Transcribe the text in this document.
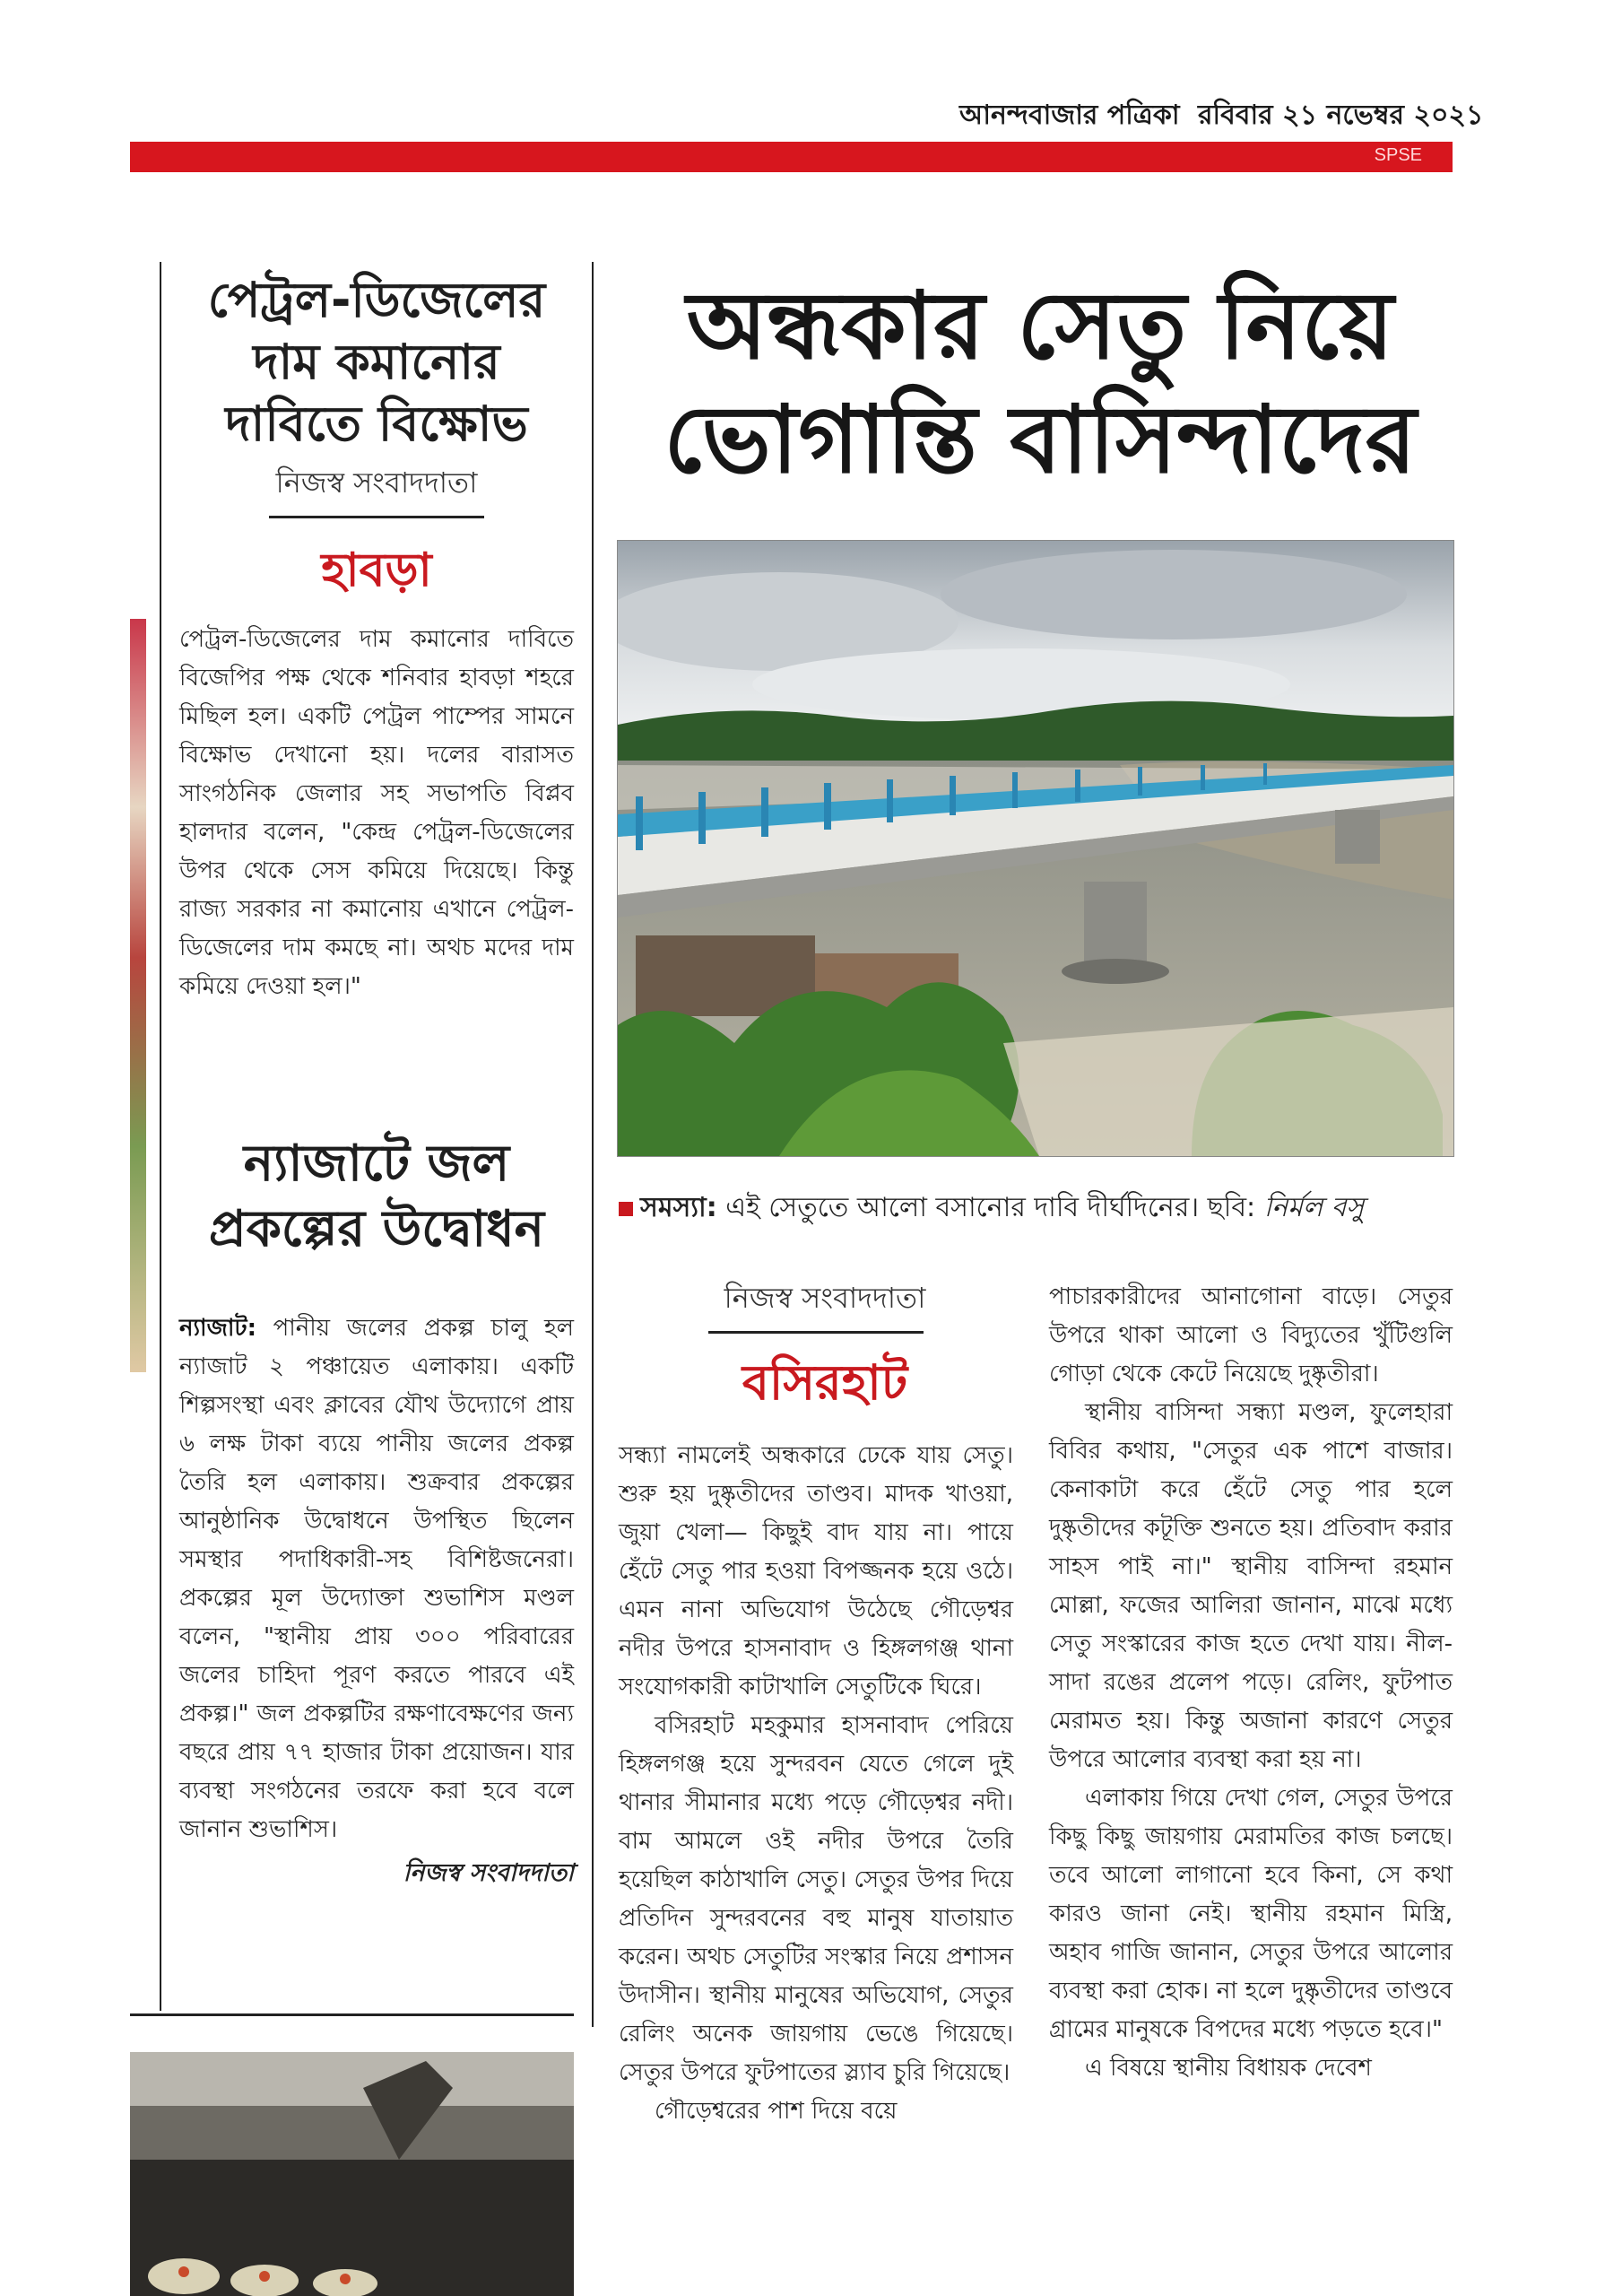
আনন্দবাজার পত্রিকা রবিবার ২১ নভেম্বর ২০২১
SPSE
পেট্রল-ডিজেলের
দাম কমানোর
দাবিতে বিক্ষোভ
নিজস্ব সংবাদদাতা
হাবড়া
পেট্রল-ডিজেলের দাম কমানোর দাবিতে বিজেপির পক্ষ থেকে শনিবার হাবড়া শহরে মিছিল হল। একটি পেট্রল পাম্পের সামনে বিক্ষোভ দেখানো হয়। দলের বারাসত সাংগঠনিক জেলার সহ সভাপতি বিপ্লব হালদার বলেন, "কেন্দ্র পেট্রল-ডিজেলের উপর থেকে সেস কমিয়ে দিয়েছে। কিন্তু রাজ্য সরকার না কমানোয় এখানে পেট্রল-ডিজেলের দাম কমছে না। অথচ মদের দাম কমিয়ে দেওয়া হল।"
ন্যাজাটে জল
প্রকল্পের উদ্বোধন
ন্যাজাট: পানীয় জলের প্রকল্প চালু হল ন্যাজাট ২ পঞ্চায়েত এলাকায়। একটি শিল্পসংস্থা এবং ক্লাবের যৌথ উদ্যোগে প্রায় ৬ লক্ষ টাকা ব্যয়ে পানীয় জলের প্রকল্প তৈরি হল এলাকায়। শুক্রবার প্রকল্পের আনুষ্ঠানিক উদ্বোধনে উপস্থিত ছিলেন সমস্থার পদাধিকারী-সহ বিশিষ্টজনেরা। প্রকল্পের মূল উদ্যোক্তা শুভাশিস মণ্ডল বলেন, "স্থানীয় প্রায় ৩০০ পরিবারের জলের চাহিদা পূরণ করতে পারবে এই প্রকল্প।" জল প্রকল্পটির রক্ষণাবেক্ষণের জন্য বছরে প্রায় ৭৭ হাজার টাকা প্রয়োজন। যার ব্যবস্থা সংগঠনের তরফে করা হবে বলে জানান শুভাশিস।
নিজস্ব সংবাদদাতা
অন্ধকার সেতু নিয়ে
ভোগান্তি বাসিন্দাদের
সমস্যা: এই সেতুতে আলো বসানোর দাবি দীর্ঘদিনের। ছবি: নির্মল বসু
নিজস্ব সংবাদদাতা
বসিরহাট
সন্ধ্যা নামলেই অন্ধকারে ঢেকে যায় সেতু। শুরু হয় দুষ্কৃতীদের তাণ্ডব। মাদক খাওয়া, জুয়া খেলা— কিছুই বাদ যায় না। পায়ে হেঁটে সেতু পার হওয়া বিপজ্জনক হয়ে ওঠে। এমন নানা অভিযোগ উঠেছে গৌড়েশ্বর নদীর উপরে হাসনাবাদ ও হিঙ্গলগঞ্জ থানা সংযোগকারী কাটাখালি সেতুটিকে ঘিরে।
বসিরহাট মহকুমার হাসনাবাদ পেরিয়ে হিঙ্গলগঞ্জ হয়ে সুন্দরবন যেতে গেলে দুই থানার সীমানার মধ্যে পড়ে গৌড়েশ্বর নদী। বাম আমলে ওই নদীর উপরে তৈরি হয়েছিল কাঠাখালি সেতু। সেতুর উপর দিয়ে প্রতিদিন সুন্দরবনের বহু মানুষ যাতায়াত করেন। অথচ সেতুটির সংস্কার নিয়ে প্রশাসন উদাসীন। স্থানীয় মানুষের অভিযোগ, সেতুর রেলিং অনেক জায়গায় ভেঙে গিয়েছে। সেতুর উপরে ফুটপাতের স্ল্যাব চুরি গিয়েছে।
গৌড়েশ্বরের পাশ দিয়ে বয়ে
পাচারকারীদের আনাগোনা বাড়ে। সেতুর উপরে থাকা আলো ও বিদ্যুতের খুঁটিগুলি গোড়া থেকে কেটে নিয়েছে দুষ্কৃতীরা।
স্থানীয় বাসিন্দা সন্ধ্যা মণ্ডল, ফুলেহারা বিবির কথায়, "সেতুর এক পাশে বাজার। কেনাকাটা করে হেঁটে সেতু পার হলে দুষ্কৃতীদের কটূক্তি শুনতে হয়। প্রতিবাদ করার সাহস পাই না।" স্থানীয় বাসিন্দা রহমান মোল্লা, ফজের আলিরা জানান, মাঝে মধ্যে সেতু সংস্কারের কাজ হতে দেখা যায়। নীল-সাদা রঙের প্রলেপ পড়ে। রেলিং, ফুটপাত মেরামত হয়। কিন্তু অজানা কারণে সেতুর উপরে আলোর ব্যবস্থা করা হয় না।
এলাকায় গিয়ে দেখা গেল, সেতুর উপরে কিছু কিছু জায়গায় মেরামতির কাজ চলছে। তবে আলো লাগানো হবে কিনা, সে কথা কারও জানা নেই। স্থানীয় রহমান মিস্ত্রি, অহাব গাজি জানান, সেতুর উপরে আলোর ব্যবস্থা করা হোক। না হলে দুষ্কৃতীদের তাণ্ডবে গ্রামের মানুষকে বিপদের মধ্যে পড়তে হবে।"
এ বিষয়ে স্থানীয় বিধায়ক দেবেশ
